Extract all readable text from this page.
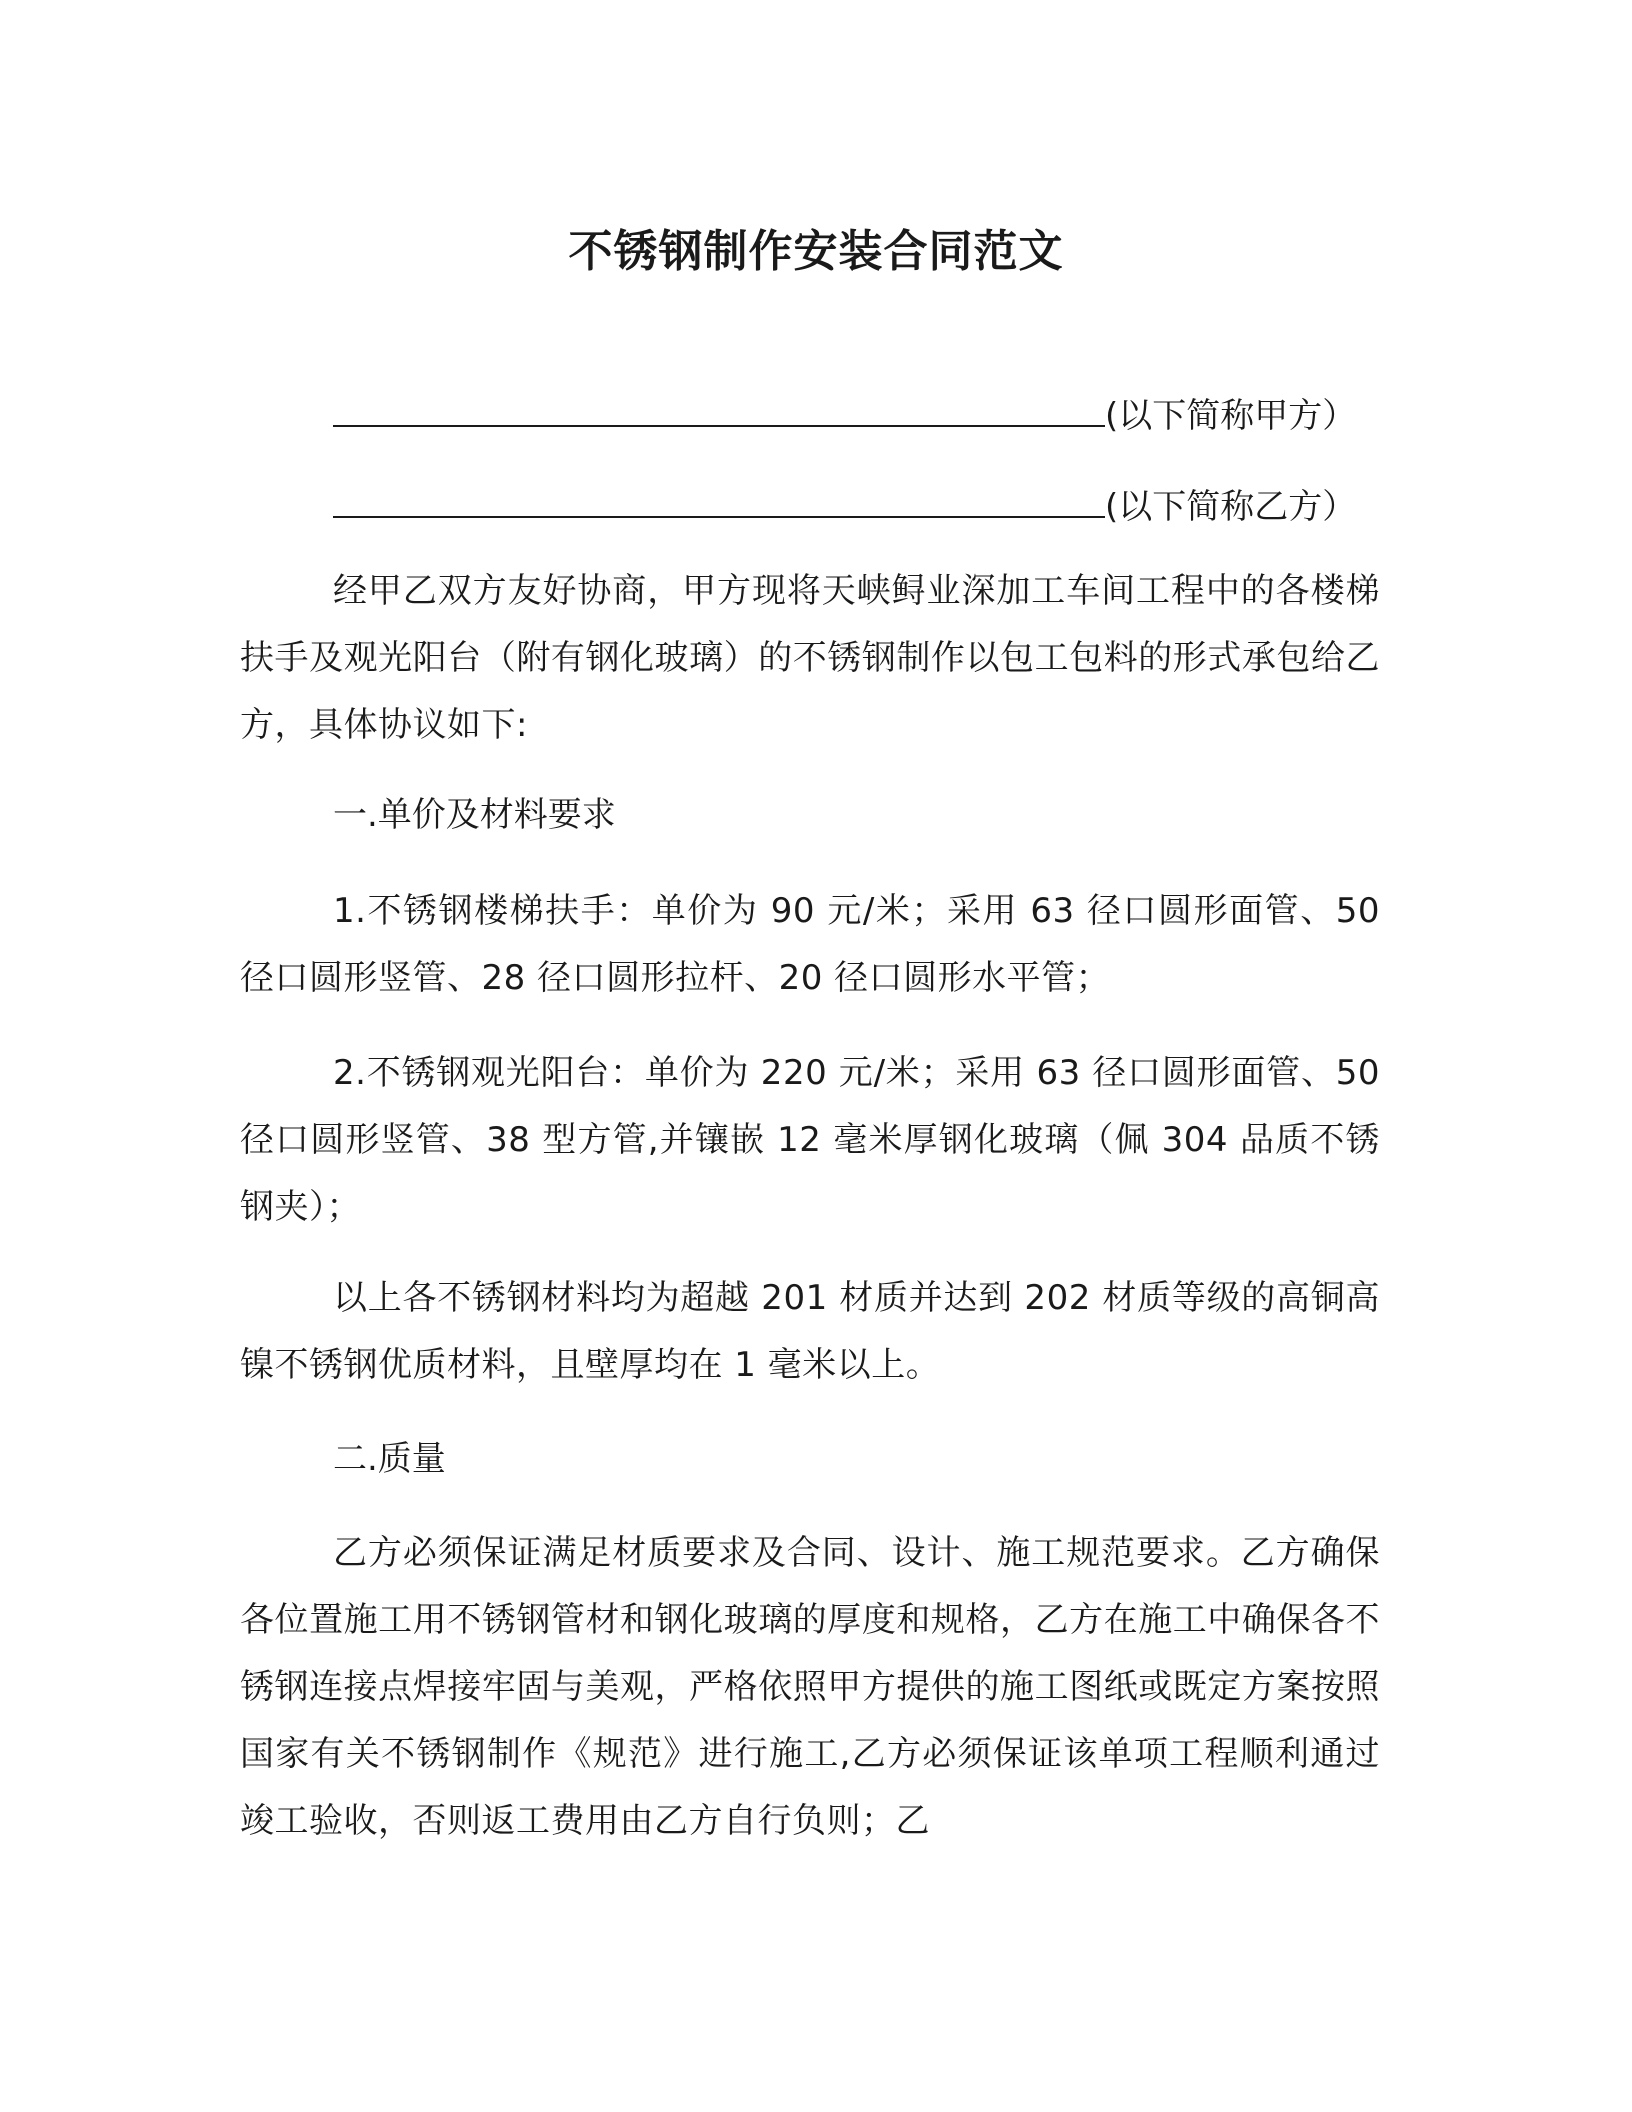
不锈钢制作安装合同范文
(以下简称甲方）
(以下简称乙方）
经甲乙双方友好协商，甲方现将天峡鲟业深加工车间工程中的各楼梯扶手及观光阳台（附有钢化玻璃）的不锈钢制作以包工包料的形式承包给乙方，具体协议如下:
一.单价及材料要求
1.不锈钢楼梯扶手：单价为 90 元/米；采用 63 径口圆形面管、50 径口圆形竖管、28 径口圆形拉杆、20 径口圆形水平管；
2.不锈钢观光阳台：单价为 220 元/米；采用 63 径口圆形面管、50 径口圆形竖管、38 型方管,并镶嵌 12 毫米厚钢化玻璃（佩 304 品质不锈钢夹）；
以上各不锈钢材料均为超越 201 材质并达到 202 材质等级的高铜高镍不锈钢优质材料，且壁厚均在 1 毫米以上。
二.质量
乙方必须保证满足材质要求及合同、设计、施工规范要求。乙方确保各位置施工用不锈钢管材和钢化玻璃的厚度和规格，乙方在施工中确保各不锈钢连接点焊接牢固与美观，严格依照甲方提供的施工图纸或既定方案按照国家有关不锈钢制作《规范》进行施工,乙方必须保证该单项工程顺利通过竣工验收，否则返工费用由乙方自行负则；乙
